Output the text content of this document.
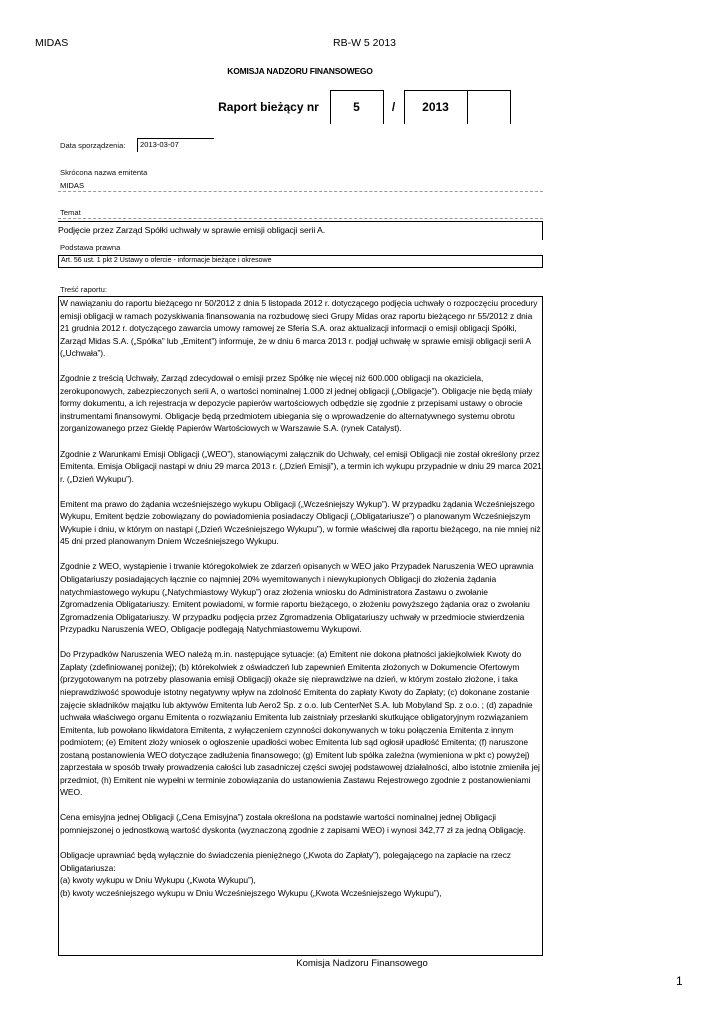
MIDAS	RB-W 5 2013
KOMISJA NADZORU FINANSOWEGO
Raport bieżący nr	5	/	2013
Data sporządzenia:	2013-03-07
Skrócona nazwa emitenta
MIDAS
Temat
Podjęcie przez Zarząd Spółki uchwały w sprawie emisji obligacji serii A.
Podstawa prawna
Art. 56 ust. 1 pkt 2 Ustawy o ofercie - informacje bieżące i okresowe
Treść raportu:

W nawiązaniu do raportu bieżącego nr 50/2012 z dnia 5 listopada 2012 r. dotyczącego podjęcia uchwały o rozpoczęciu procedury emisji obligacji w ramach pozyskiwania finansowania na rozbudowę sieci Grupy Midas oraz raportu bieżącego nr 55/2012 z dnia 21 grudnia 2012 r. dotyczącego zawarcia umowy ramowej ze Sferia S.A. oraz aktualizacji informacji o emisji obligacji Spółki, Zarząd Midas S.A. („Spółka” lub „Emitent”) informuje, że w dniu 6 marca 2013 r. podjął uchwałę w sprawie emisji obligacji serii A („Uchwała”).

Zgodnie z treścią Uchwały, Zarząd zdecydował o emisji przez Spółkę nie więcej niż 600.000 obligacji na okaziciela, zerokuponowych, zabezpieczonych serii A, o wartości nominalnej 1.000 zł jednej obligacji („Obligacje”). Obligacje nie będą miały formy dokumentu, a ich rejestracja w depozycie papierów wartościowych odbędzie się zgodnie z przepisami ustawy o obrocie instrumentami finansowymi. Obligacje będą przedmiotem ubiegania się o wprowadzenie do alternatywnego systemu obrotu zorganizowanego przez Giełdę Papierów Wartościowych w Warszawie S.A. (rynek Catalyst).

Zgodnie z Warunkami Emisji Obligacji („WEO”), stanowiącymi załącznik do Uchwały, cel emisji Obligacji nie został określony przez Emitenta. Emisja Obligacji nastąpi w dniu 29 marca 2013 r. („Dzień Emisji”), a termin ich wykupu przypadnie w dniu 29 marca 2021 r. („Dzień Wykupu”).

Emitent ma prawo do żądania wcześniejszego wykupu Obligacji („Wcześniejszy Wykup”). W przypadku żądania Wcześniejszego Wykupu, Emitent będzie zobowiązany do powiadomienia posiadaczy Obligacji („Obligatariusze”) o planowanym Wcześniejszym Wykupie i dniu, w którym on nastąpi („Dzień Wcześniejszego Wykupu”), w formie właściwej dla raportu bieżącego, na nie mniej niż 45 dni przed planowanym Dniem Wcześniejszego Wykupu.

Zgodnie z WEO, wystąpienie i trwanie któregokolwiek ze zdarzeń opisanych w WEO jako Przypadek Naruszenia WEO uprawnia Obligatariuszy posiadających łącznie co najmniej 20% wyemitowanych i niewykupionych Obligacji do złożenia żądania natychmiastowego wykupu („Natychmiastowy Wykup”) oraz złożenia wniosku do Administratora Zastawu o zwołanie Zgromadzenia Obligatariuszy. Emitent powiadomi, w formie raportu bieżącego, o złożeniu powyższego żądania oraz o zwołaniu Zgromadzenia Obligatariuszy. W przypadku podjęcia przez Zgromadzenia Obligatariuszy uchwały w przedmiocie stwierdzenia Przypadku Naruszenia WEO, Obligacje podlegają Natychmiastowemu Wykupowi.

Do Przypadków Naruszenia WEO należą m.in. następujące sytuacje: (a) Emitent nie dokona płatności jakiejkolwiek Kwoty do Zapłaty (zdefiniowanej poniżej); (b) którekolwiek z oświadczeń lub zapewnień Emitenta złożonych w Dokumencie Ofertowym (przygotowanym na potrzeby plasowania emisji Obligacji) okaże się nieprawdziwe na dzień, w którym zostało złożone, i taka nieprawdziwość spowoduje istotny negatywny wpływ na zdolność Emitenta do zapłaty Kwoty do Zapłaty; (c) dokonane zostanie zajęcie składników majątku lub aktywów Emitenta lub Aero2 Sp. z o.o. lub CenterNet S.A. lub Mobyland Sp. z o.o. ; (d) zapadnie uchwała właściwego organu Emitenta o rozwiązaniu Emitenta lub zaistniały przesłanki skutkujące obligatoryjnym rozwiązaniem Emitenta, lub powołano likwidatora Emitenta, z wyłączeniem czynności dokonywanych w toku połączenia Emitenta z innym podmiotem; (e) Emitent złoży wniosek o ogłoszenie upadłości wobec Emitenta lub sąd ogłosił upadłość Emitenta; (f) naruszone zostaną postanowienia WEO dotyczące zadłużenia finansowego; (g) Emitent lub spółka zależna (wymieniona w pkt c) powyżej) zaprzestała w sposób trwały prowadzenia całości lub zasadniczej części swojej podstawowej działalności, albo istotnie zmieniła jej przedmiot, (h) Emitent nie wypełni w terminie zobowiązania do ustanowienia Zastawu Rejestrowego zgodnie z postanowieniami WEO.

Cena emisyjna jednej Obligacji („Cena Emisyjna”) została określona na podstawie wartości nominalnej jednej Obligacji pomniejszonej o jednostkową wartość dyskonta (wyznaczoną zgodnie z zapisami WEO) i wynosi 342,77 zł za jedną Obligację.

Obligacje uprawniać będą wyłącznie do świadczenia pieniężnego („Kwota do Zapłaty”), polegającego na zapłacie na rzecz Obligatariusza:

(a) kwoty wykupu w Dniu Wykupu („Kwota Wykupu”),

(b) kwoty wcześniejszego wykupu w Dniu Wcześniejszego Wykupu („Kwota Wcześniejszego Wykupu”),

Komisja Nadzoru Finansowego
1
